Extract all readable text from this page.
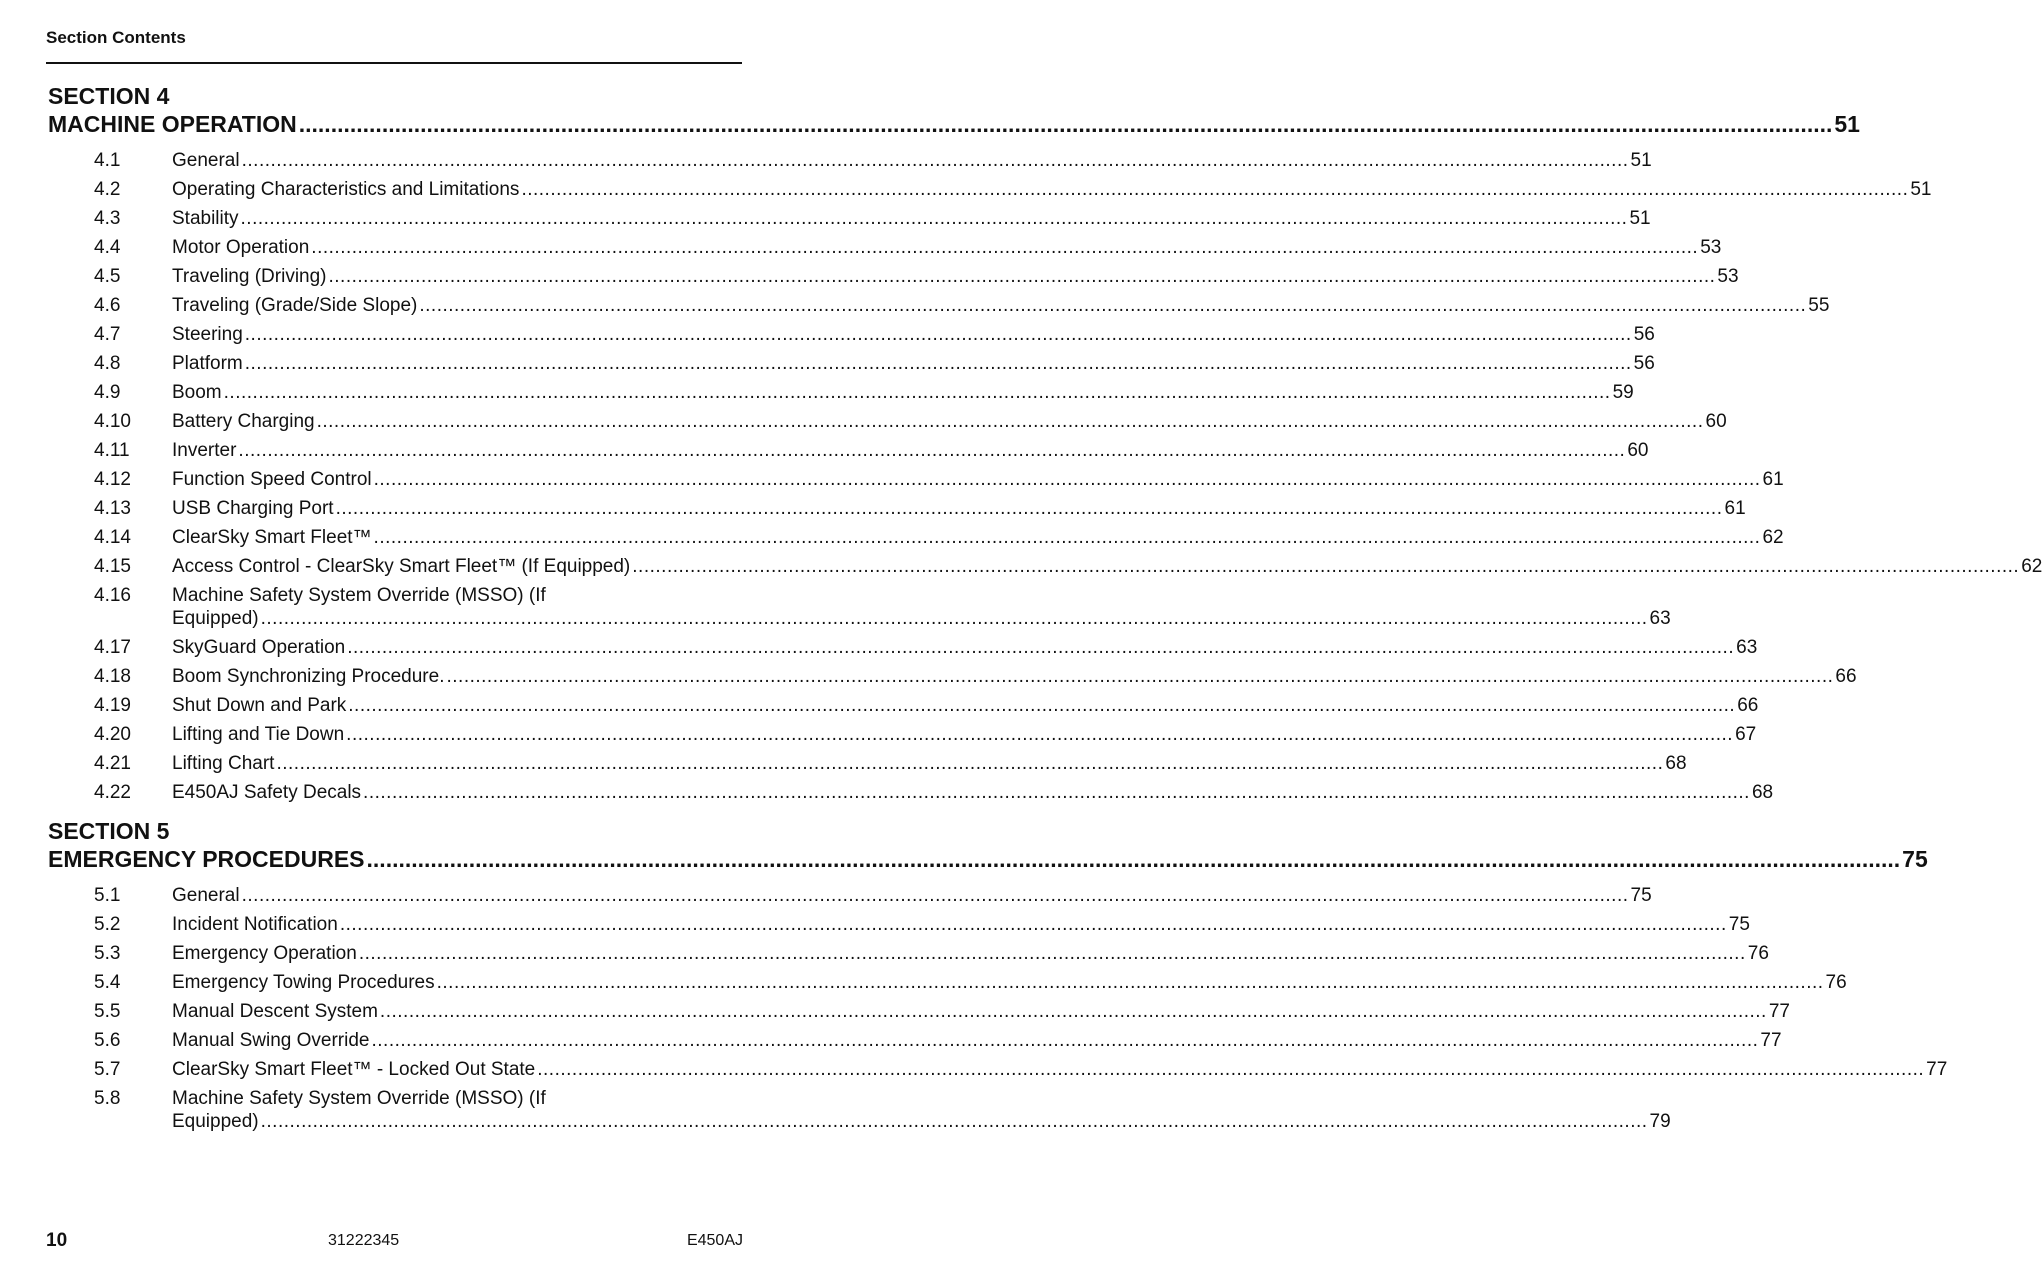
Section Contents
SECTION 4
MACHINE OPERATION .....	51
4.1	General .....	51
4.2	Operating Characteristics and Limitations .....	51
4.3	Stability .....	51
4.4	Motor Operation .....	53
4.5	Traveling (Driving) .....	53
4.6	Traveling (Grade/Side Slope) .....	55
4.7	Steering .....	56
4.8	Platform .....	56
4.9	Boom .....	59
4.10	Battery Charging .....	60
4.11	Inverter .....	60
4.12	Function Speed Control .....	61
4.13	USB Charging Port .....	61
4.14	ClearSky Smart Fleet™ .....	62
4.15	Access Control - ClearSky Smart Fleet™ (If Equipped) .....	62
4.16	Machine Safety System Override (MSSO) (If
Equipped) .....	63
4.17	SkyGuard Operation .....	63
4.18	Boom Synchronizing Procedure. .....	66
4.19	Shut Down and Park .....	66
4.20	Lifting and Tie Down .....	67
4.21	Lifting Chart .....	68
4.22	E450AJ Safety Decals .....	68
SECTION 5
EMERGENCY PROCEDURES .....	75
5.1	General .....	75
5.2	Incident Notification .....	75
5.3	Emergency Operation .....	76
5.4	Emergency Towing Procedures .....	76
5.5	Manual Descent System .....	77
5.6	Manual Swing Override .....	77
5.7	ClearSky Smart Fleet™ - Locked Out State .....	77
5.8	Machine Safety System Override (MSSO) (If
Equipped) .....	79
10	31222345	E450AJ
